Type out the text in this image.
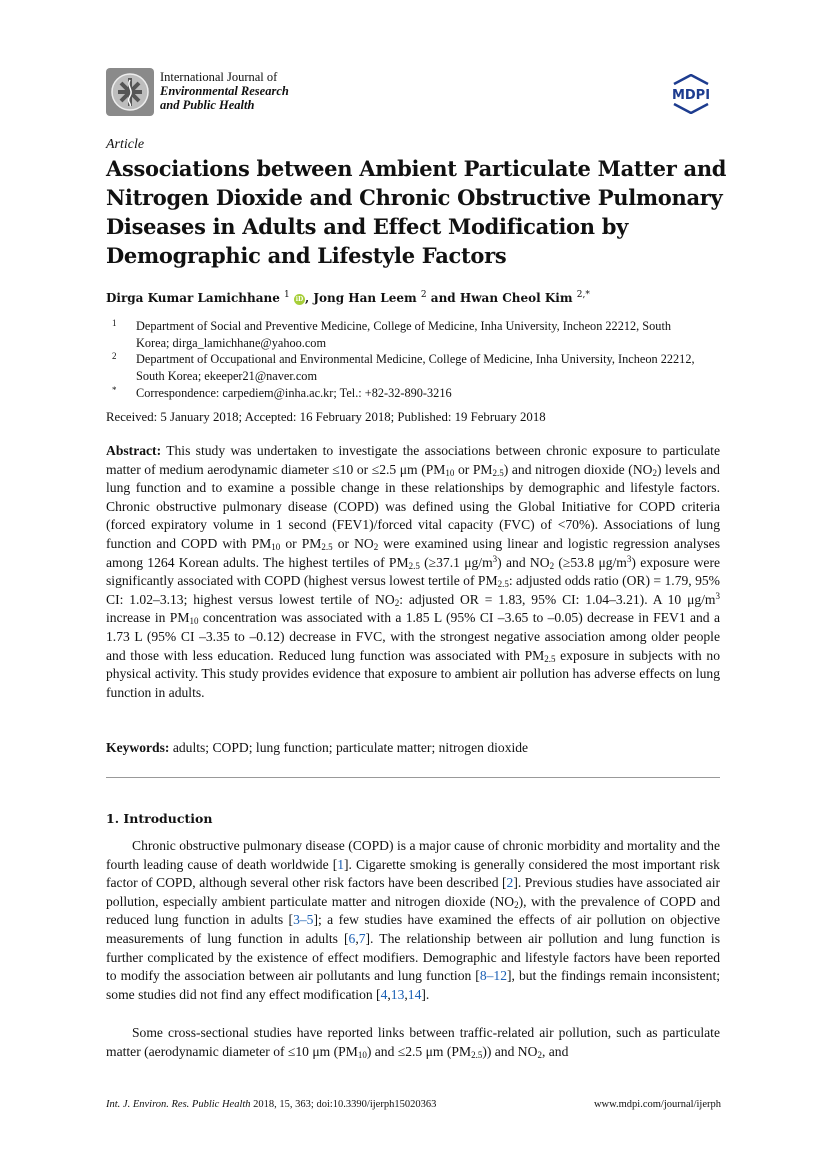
International Journal of
Environmental Research
and Public Health
MDPI
Article
Associations between Ambient Particulate Matter and Nitrogen Dioxide and Chronic Obstructive Pulmonary Diseases in Adults and Effect Modification by Demographic and Lifestyle Factors
Dirga Kumar Lamichhane $^1$ iD , Jong Han Leem $^2$ and Hwan Cheol Kim $^{2,*}$
1 Department of Social and Preventive Medicine, College of Medicine, Inha University, Incheon 22212, South Korea; dirga_lamichhane@yahoo.com
2 Department of Occupational and Environmental Medicine, College of Medicine, Inha University, Incheon 22212, South Korea; ekeeper21@naver.com
* Correspondence: carpediem@inha.ac.kr; Tel.: +82-32-890-3216
Received: 5 January 2018; Accepted: 16 February 2018; Published: 19 February 2018
Abstract: This study was undertaken to investigate the associations between chronic exposure to particulate matter of medium aerodynamic diameter ≤10 or ≤2.5 μm ($PM_{10}$ or $PM_{2.5}$) and nitrogen dioxide $(NO_2)$ levels and lung function and to examine a possible change in these relationships by demographic and lifestyle factors. Chronic obstructive pulmonary disease (COPD) was defined using the Global Initiative for COPD criteria (forced expiratory volume in 1 second (FEV1)/forced vital capacity (FVC) of <70%). Associations of lung function and COPD with $PM_{10}$ or $PM_{2.5}$ or $NO_2$ were examined using linear and logistic regression analyses among 1264 Korean adults. The highest tertiles of $PM_{2.5}$ (≥37.1 $\mu g/m^3$) and $NO_2$ (≥53.8 $\mu g/m^3$) exposure were significantly associated with COPD (highest versus lowest tertile of $PM_{2.5}$: adjusted odds ratio (OR) = 1.79, 95% CI: 1.02–3.13; highest versus lowest tertile of $NO_2$: adjusted OR = 1.83, 95% CI: 1.04–3.21). A 10 $\mu g/m^3$ increase in $PM_{10}$ concentration was associated with a 1.85 L (95% CI –3.65 to –0.05) decrease in FEV1 and a 1.73 L (95% CI –3.35 to –0.12) decrease in FVC, with the strongest negative association among older people and those with less education. Reduced lung function was associated with $PM_{2.5}$ exposure in subjects with no physical activity. This study provides evidence that exposure to ambient air pollution has adverse effects on lung function in adults.
Keywords: adults; COPD; lung function; particulate matter; nitrogen dioxide
1. Introduction
Chronic obstructive pulmonary disease (COPD) is a major cause of chronic morbidity and mortality and the fourth leading cause of death worldwide [1]. Cigarette smoking is generally considered the most important risk factor of COPD, although several other risk factors have been described [2]. Previous studies have associated air pollution, especially ambient particulate matter and nitrogen dioxide $(NO_2)$, with the prevalence of COPD and reduced lung function in adults [3–5]; a few studies have examined the effects of air pollution on objective measurements of lung function in adults [6,7]. The relationship between air pollution and lung function is further complicated by the existence of effect modifiers. Demographic and lifestyle factors have been reported to modify the association between air pollutants and lung function [8–12], but the findings remain inconsistent; some studies did not find any effect modification [4,13,14].
Some cross-sectional studies have reported links between traffic-related air pollution, such as particulate matter (aerodynamic diameter of ≤10 μm $(PM_{10})$ and ≤2.5 μm $(PM_{2.5})$) and $NO_2$, and
Int. J. Environ. Res. Public Health 2018, 15, 363; doi:10.3390/ijerph15020363	www.mdpi.com/journal/ijerph
